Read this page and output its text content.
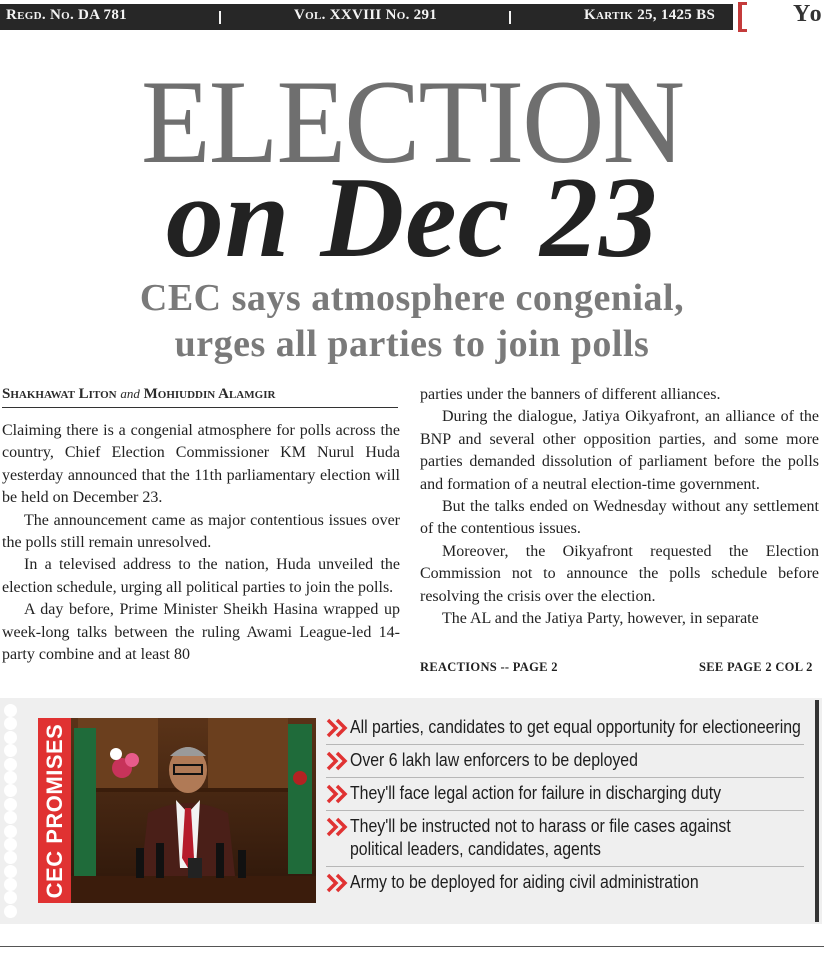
Regd. No. DA 781	Vol. XXVIII No. 291	Kartik 25, 1425 BS	Yo
ELECTION
on Dec 23
CEC says atmosphere congenial,
urges all parties to join polls
Shakhawat Liton and Mohiuddin Alamgir

Claiming there is a congenial atmosphere for polls across the country, Chief Election Commissioner KM Nurul Huda yesterday announced that the 11th parliamentary election will be held on December 23.

The announcement came as major contentious issues over the polls still remain unresolved.

In a televised address to the nation, Huda unveiled the election schedule, urging all political parties to join the polls.

A day before, Prime Minister Sheikh Hasina wrapped up week-long talks between the ruling Awami League-led 14-party combine and at least 80

parties under the banners of different alliances.

During the dialogue, Jatiya Oikyafront, an alliance of the BNP and several other opposition parties, and some more parties demanded dissolution of parliament before the polls and formation of a neutral election-time government.

But the talks ended on Wednesday without any settlement of the contentious issues.

Moreover, the Oikyafront requested the Election Commission not to announce the polls schedule before resolving the crisis over the election.

The AL and the Jatiya Party, however, in separate

REACTIONS -- PAGE 2	SEE PAGE 2 COL 2
CEC PROMISES	All parties, candidates to get equal opportunity for electioneering
Over 6 lakh law enforcers to be deployed
They'll face legal action for failure in discharging duty
They'll be instructed not to harass or file cases against political leaders, candidates, agents
Army to be deployed for aiding civil administration
